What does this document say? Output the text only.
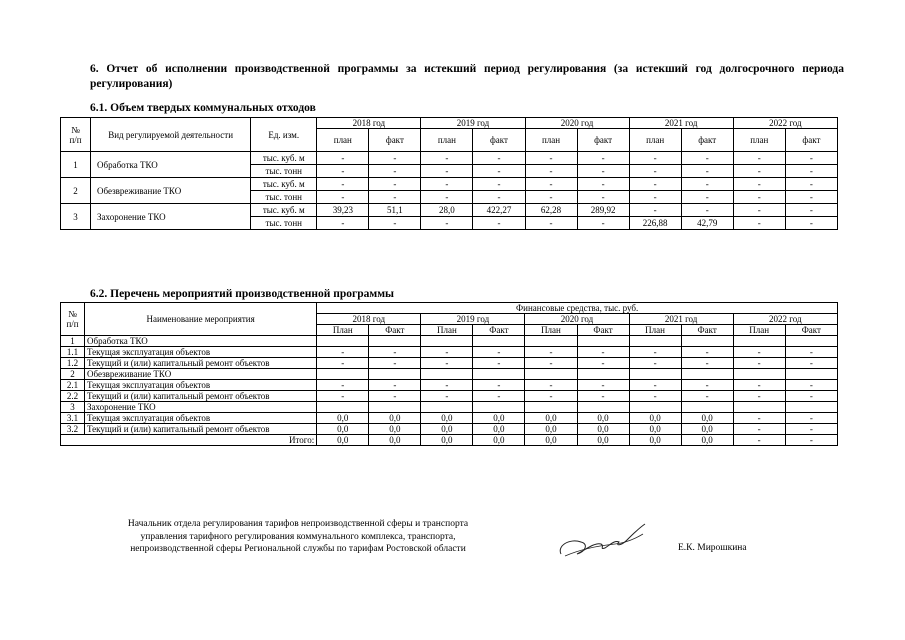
6. Отчет об исполнении производственной программы за истекший период регулирования (за истекший год долгосрочного периода регулирования)
6.1. Объем твердых коммунальных отходов
№
п/п	Вид регулируемой деятельности	Ед. изм.	2018 год		2019 год		2020 год		2021 год		2022 год	
			план	факт	план	факт	план	факт	план	факт	план	факт
1	Обработка ТКО	тыс. куб. м	-	-	-	-	-	-	-	-	-	-
		тыс. тонн	-	-	-	-	-	-	-	-	-	-
2	Обезвреживание ТКО	тыс. куб. м	-	-	-	-	-	-	-	-	-	-
		тыс. тонн	-	-	-	-	-	-	-	-	-	-
3	Захоронение ТКО	тыс. куб. м	39,23	51,1	28,0	422,27	62,28	289,92	-	-	-	-
		тыс. тонн	-	-	-	-	-	-	226,88	42,79	-	-
6.2. Перечень мероприятий производственной программы
№
п/п	Наименование мероприятия	Финансовые средства, тыс. руб.									
		2018 год		2019 год		2020 год		2021 год		2022 год	
		План	Факт	План	Факт	План	Факт	План	Факт	План	Факт
1	Обработка ТКО										
1.1	Текущая эксплуатация объектов	-	-	-	-	-	-	-	-	-	-
1.2	Текущий и (или) капитальный ремонт объектов	-	-	-	-	-	-	-	-	-	-
2	Обезвреживание ТКО										
2.1	Текущая эксплуатация объектов	-	-	-	-	-	-	-	-	-	-
2.2	Текущий и (или) капитальный ремонт объектов	-	-	-	-	-	-	-	-	-	-
3	Захоронение ТКО										
3.1	Текущая эксплуатация объектов	0,0	0,0	0,0	0,0	0,0	0,0	0,0	0,0	-	-
3.2	Текущий и (или) капитальный ремонт объектов	0,0	0,0	0,0	0,0	0,0	0,0	0,0	0,0	-	-
Итого:		0,0	0,0	0,0	0,0	0,0	0,0	0,0	0,0	-	-
Начальник отдела регулирования тарифов непроизводственной сферы и транспорта
управления тарифного регулирования коммунального комплекса, транспорта,
непроизводственной сферы Региональной службы по тарифам Ростовской области	Е.К. Мирошкина
